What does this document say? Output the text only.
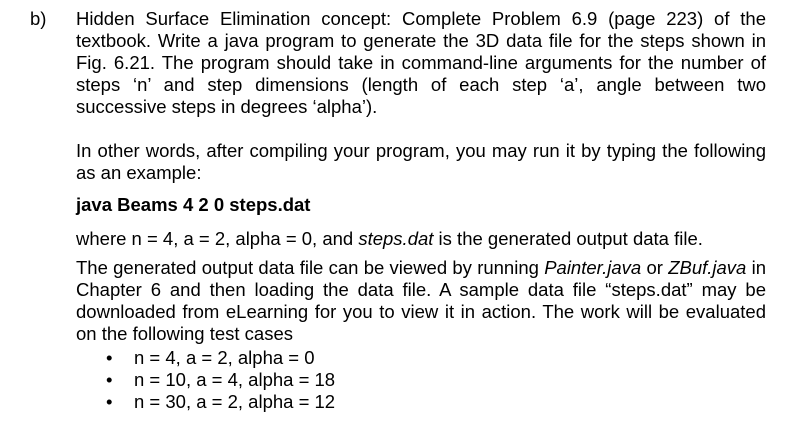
b) Hidden Surface Elimination concept: Complete Problem 6.9 (page 223) of the textbook. Write a java program to generate the 3D data file for the steps shown in Fig. 6.21. The program should take in command-line arguments for the number of steps ‘n’ and step dimensions (length of each step ‘a’, angle between two successive steps in degrees ‘alpha’).
In other words, after compiling your program, you may run it by typing the following as an example:
java Beams 4 2 0 steps.dat
where n = 4, a = 2, alpha = 0, and steps.dat is the generated output data file.
The generated output data file can be viewed by running Painter.java or ZBuf.java in Chapter 6 and then loading the data file. A sample data file “steps.dat” may be downloaded from eLearning for you to view it in action. The work will be evaluated on the following test cases
• n = 4, a = 2, alpha = 0
• n = 10, a = 4, alpha = 18
• n = 30, a = 2, alpha = 12
